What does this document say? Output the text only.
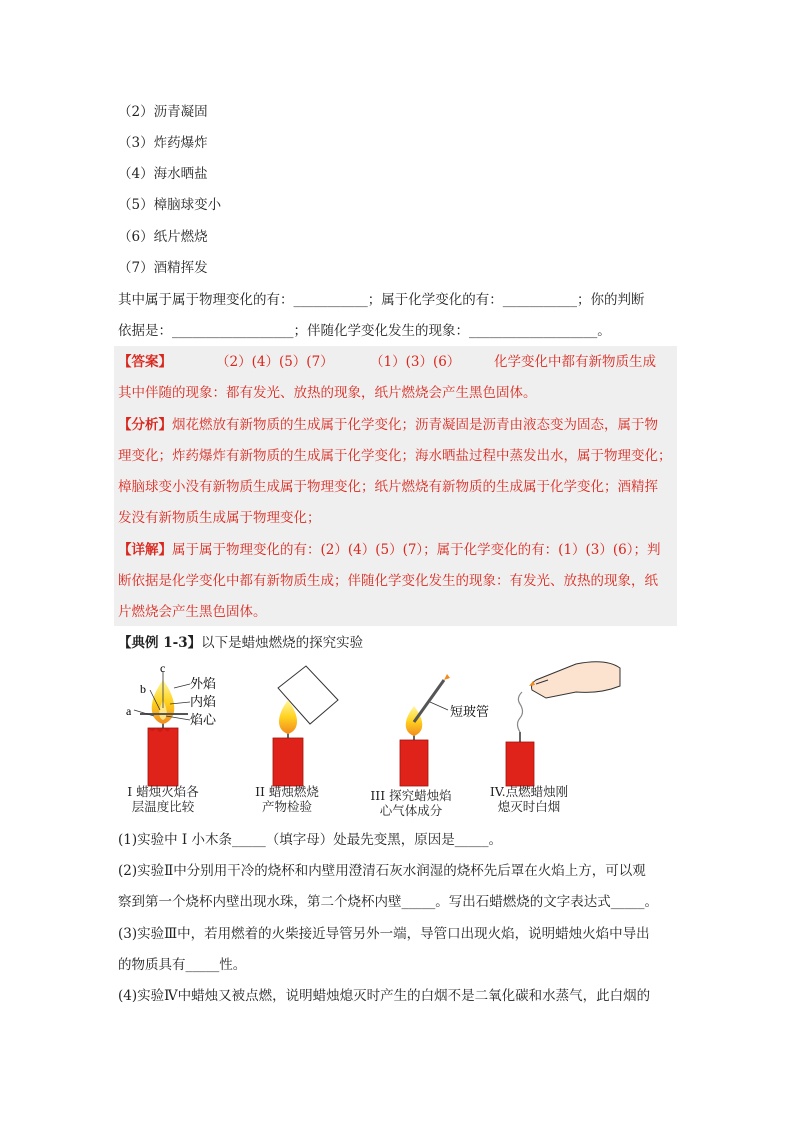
（2）沥青凝固
（3）炸药爆炸
（4）海水晒盐
（5）樟脑球变小
（6）纸片燃烧
（7）酒精挥发
其中属于属于物理变化的有：___________；属于化学变化的有：___________；你的判断
依据是：__________________；伴随化学变化发生的现象：___________________。
【答案】	（2）(4）(5）(7）	（1）(3）(6） 化学变化中都有新物质生成
其中伴随的现象：都有发光、放热的现象，纸片燃烧会产生黑色固体。
【分析】烟花燃放有新物质的生成属于化学变化；沥青凝固是沥青由液态变为固态，属于物
理变化；炸药爆炸有新物质的生成属于化学变化；海水晒盐过程中蒸发出水，属于物理变化；
樟脑球变小没有新物质生成属于物理变化；纸片燃烧有新物质的生成属于化学变化；酒精挥
发没有新物质生成属于物理变化；
【详解】属于属于物理变化的有：(2）(4）(5）(7）；属于化学变化的有：(1）(3）(6）；判
断依据是化学变化中都有新物质生成；伴随化学变化发生的现象：有发光、放热的现象，纸
片燃烧会产生黑色固体。
【典例 1-3】以下是蜡烛燃烧的探究实验
a
b
c
外焰
内焰
焰心
短玻管
I 蜡烛火焰各
层温度比较
II 蜡烛燃烧
产物检验
III 探究蜡烛焰
心气体成分
IV.点燃蜡烛刚
熄灭时白烟
(1)实验中 I 小木条_____（填字母）处最先变黑，原因是_____。
(2)实验Ⅱ中分别用干冷的烧杯和内壁用澄清石灰水润湿的烧杯先后罩在火焰上方，可以观
察到第一个烧杯内壁出现水珠，第二个烧杯内壁_____。写出石蜡燃烧的文字表达式_____。
(3)实验Ⅲ中，若用燃着的火柴接近导管另外一端，导管口出现火焰，说明蜡烛火焰中导出
的物质具有_____性。
(4)实验Ⅳ中蜡烛又被点燃，说明蜡烛熄灭时产生的白烟不是二氧化碳和水蒸气，此白烟的
